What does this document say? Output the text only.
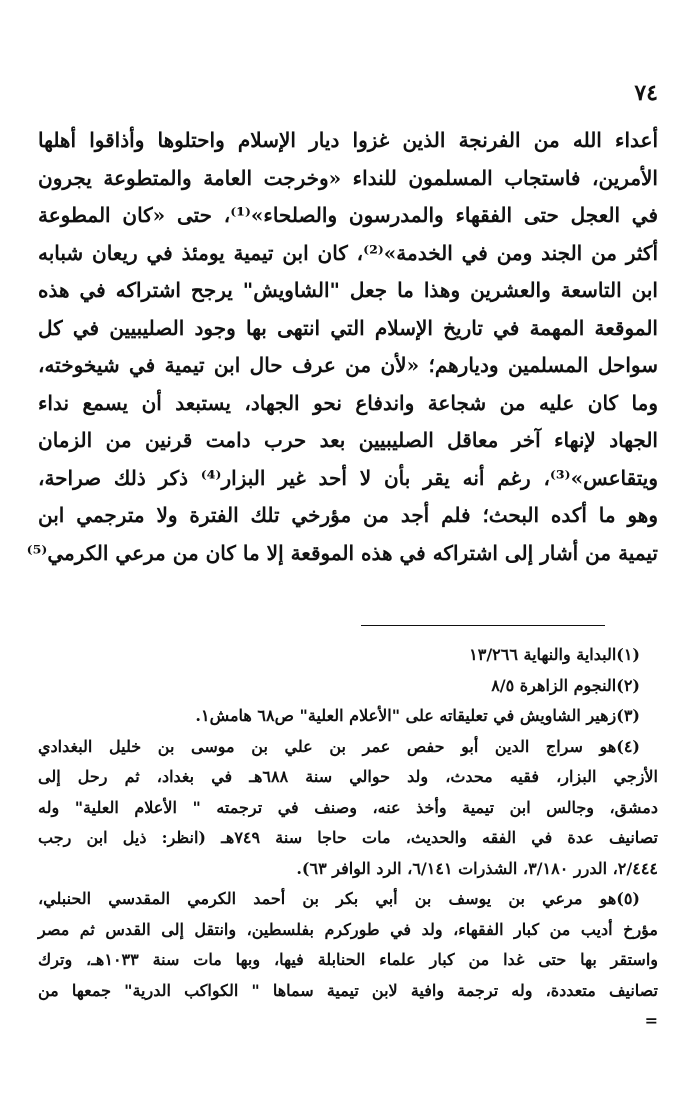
٧٤
أعداء الله من الفرنجة الذين غزوا ديار الإسلام واحتلوها وأذاقوا أهلها
الأمرين، فاستجاب المسلمون للنداء «وخرجت العامة والمتطوعة يجرون
في العجل حتى الفقهاء والمدرسون والصلحاء»⁽¹⁾، حتى «كان المطوعة
أكثر من الجند ومن في الخدمة»⁽²⁾، كان ابن تيمية يومئذ في ريعان شبابه
ابن التاسعة والعشرين وهذا ما جعل "الشاويش" يرجح اشتراكه في هذه
الموقعة المهمة في تاريخ الإسلام التي انتهى بها وجود الصليبيين في كل
سواحل المسلمين وديارهم؛ «لأن من عرف حال ابن تيمية في شيخوخته،
وما كان عليه من شجاعة واندفاع نحو الجهاد، يستبعد أن يسمع نداء
الجهاد لإنهاء آخر معاقل الصليبيين بعد حرب دامت قرنين من الزمان
ويتقاعس»⁽³⁾، رغم أنه يقر بأن لا أحد غير البزار⁽⁴⁾ ذكر ذلك صراحة،
وهو ما أكده البحث؛ فلم أجد من مؤرخي تلك الفترة ولا مترجمي ابن
تيمية من أشار إلى اشتراكه في هذه الموقعة إلا ما كان من مرعي الكرمي⁽⁵⁾
(١)البداية والنهاية ١٣/٢٦٦
(٢)النجوم الزاهرة ٨/٥
(٣)زهير الشاويش في تعليقاته على "الأعلام العلية" ص٦٨ هامش١.
(٤)هو سراج الدين أبو حفص عمر بن علي بن موسى بن خليل البغدادي
الأزجي البزار، فقيه محدث، ولد حوالي سنة ٦٨٨هـ في بغداد، ثم رحل إلى
دمشق، وجالس ابن تيمية وأخذ عنه، وصنف في ترجمته " الأعلام العلية" وله
تصانيف عدة في الفقه والحديث، مات حاجا سنة ٧٤٩هـ (انظر: ذيل ابن رجب
٢/٤٤٤، الدرر ٣/١٨٠، الشذرات ٦/١٤١، الرد الوافر ٦٣).
(٥)هو مرعي بن يوسف بن أبي بكر بن أحمد الكرمي المقدسي الحنبلي،
مؤرخ أديب من كبار الفقهاء، ولد في طوركرم بفلسطين، وانتقل إلى القدس ثم مصر
واستقر بها حتى غدا من كبار علماء الحنابلة فيها، وبها مات سنة ١٠٣٣هـ، وترك
تصانيف متعددة، وله ترجمة وافية لابن تيمية سماها " الكواكب الدرية" جمعها من
=
